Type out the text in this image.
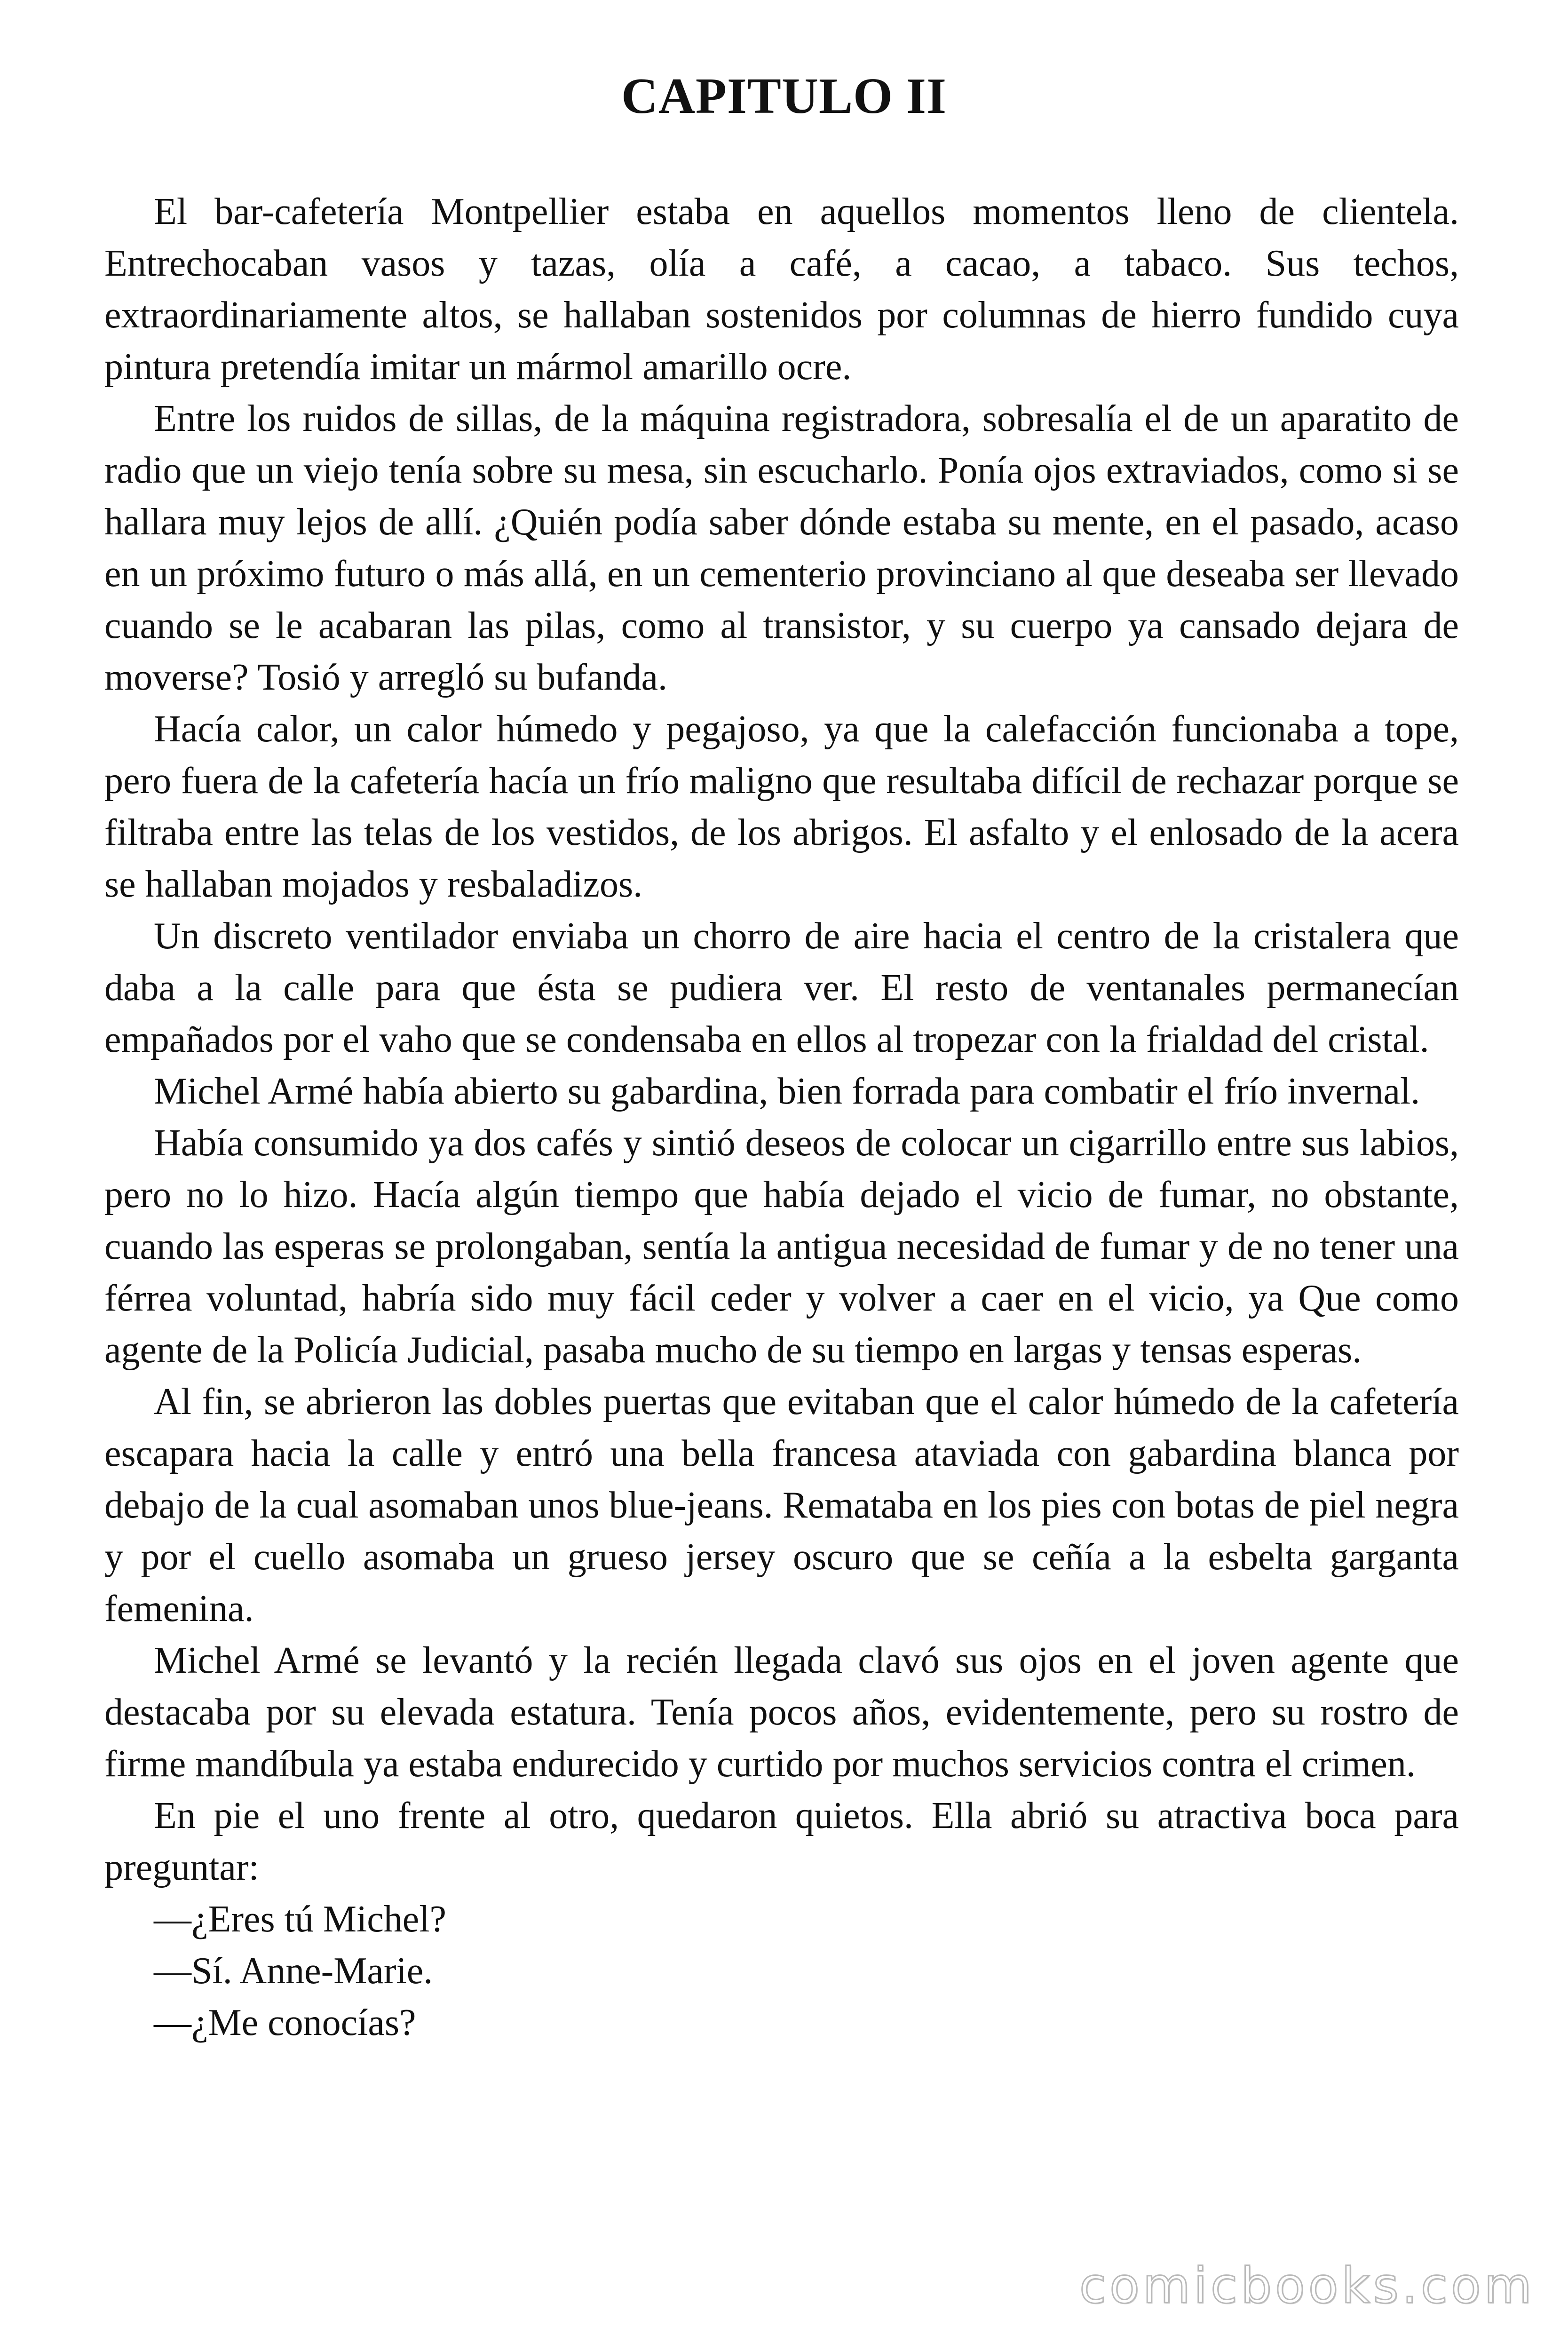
CAPITULO II

El bar-cafetería Montpellier estaba en aquellos momentos lleno de clientela. Entrechocaban vasos y tazas, olía a café, a cacao, a tabaco. Sus techos, extraordinariamente altos, se hallaban sostenidos por columnas de hierro fundido cuya pintura pretendía imitar un mármol amarillo ocre.

Entre los ruidos de sillas, de la máquina registradora, sobresalía el de un aparatito de radio que un viejo tenía sobre su mesa, sin escucharlo. Ponía ojos extraviados, como si se hallara muy lejos de allí. ¿Quién podía saber dónde estaba su mente, en el pasado, acaso en un próximo futuro o más allá, en un cementerio provinciano al que deseaba ser llevado cuando se le acabaran las pilas, como al transistor, y su cuerpo ya cansado dejara de moverse? Tosió y arregló su bufanda.

Hacía calor, un calor húmedo y pegajoso, ya que la calefacción funcionaba a tope, pero fuera de la cafetería hacía un frío maligno que resultaba difícil de rechazar porque se filtraba entre las telas de los vestidos, de los abrigos. El asfalto y el enlosado de la acera se hallaban mojados y resbaladizos.

Un discreto ventilador enviaba un chorro de aire hacia el centro de la cristalera que daba a la calle para que ésta se pudiera ver. El resto de ventanales permanecían empañados por el vaho que se condensaba en ellos al tropezar con la frialdad del cristal.

Michel Armé había abierto su gabardina, bien forrada para combatir el frío invernal.

Había consumido ya dos cafés y sintió deseos de colocar un cigarrillo entre sus labios, pero no lo hizo. Hacía algún tiempo que había dejado el vicio de fumar, no obstante, cuando las esperas se prolongaban, sentía la antigua necesidad de fumar y de no tener una férrea voluntad, habría sido muy fácil ceder y volver a caer en el vicio, ya Que como agente de la Policía Judicial, pasaba mucho de su tiempo en largas y tensas esperas.

Al fin, se abrieron las dobles puertas que evitaban que el calor húmedo de la cafetería escapara hacia la calle y entró una bella francesa ataviada con gabardina blanca por debajo de la cual asomaban unos blue-jeans. Remataba en los pies con botas de piel negra y por el cuello asomaba un grueso jersey oscuro que se ceñía a la esbelta garganta femenina.

Michel Armé se levantó y la recién llegada clavó sus ojos en el joven agente que destacaba por su elevada estatura. Tenía pocos años, evidentemente, pero su rostro de firme mandíbula ya estaba endurecido y curtido por muchos servicios contra el crimen.

En pie el uno frente al otro, quedaron quietos. Ella abrió su atractiva boca para preguntar:

—¿Eres tú Michel?

—Sí. Anne-Marie.

—¿Me conocías?

comicbooks.com
